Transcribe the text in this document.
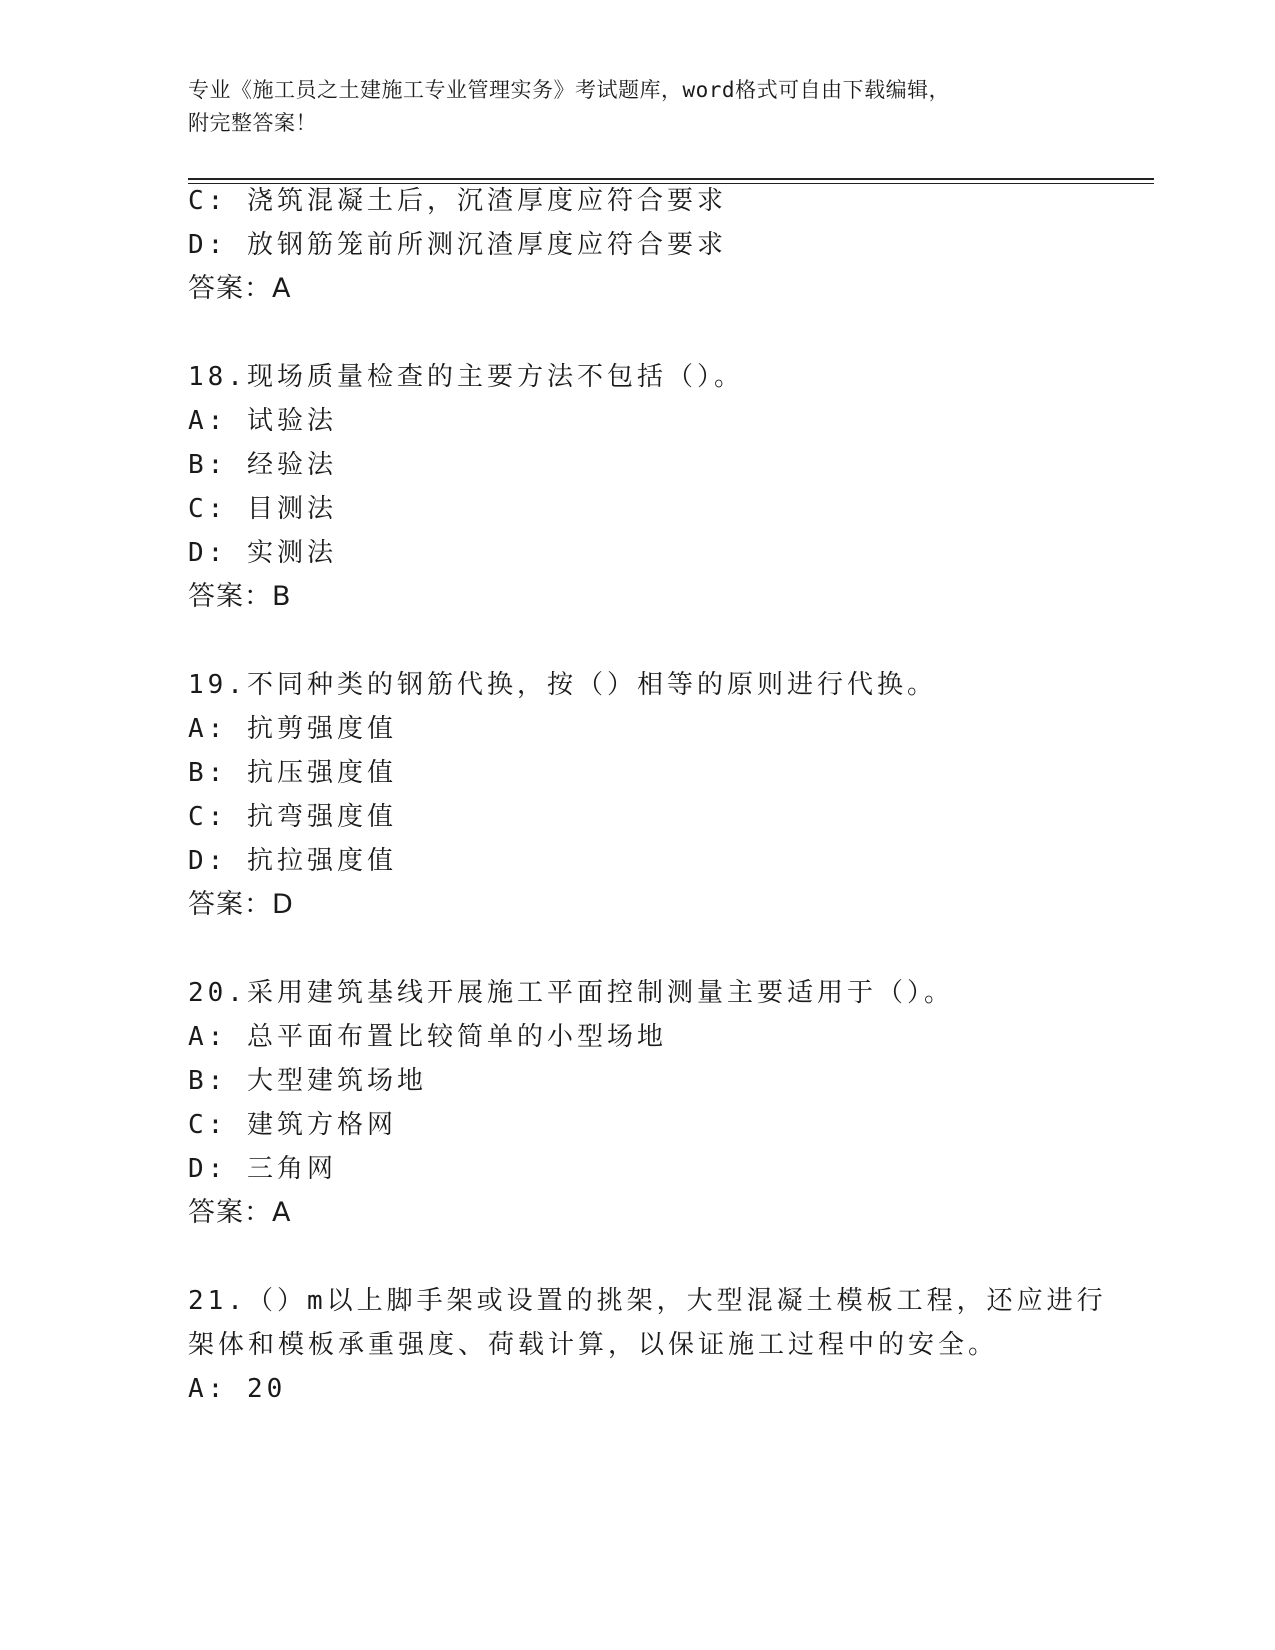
专业《施工员之土建施工专业管理实务》考试题库，word格式可自由下载编辑，
附完整答案！
C: 浇筑混凝土后，沉渣厚度应符合要求
D: 放钢筋笼前所测沉渣厚度应符合要求
答案：A
18.现场质量检查的主要方法不包括（）。
A: 试验法
B: 经验法
C: 目测法
D: 实测法
答案：B
19.不同种类的钢筋代换，按（）相等的原则进行代换。
A: 抗剪强度值
B: 抗压强度值
C: 抗弯强度值
D: 抗拉强度值
答案：D
20.采用建筑基线开展施工平面控制测量主要适用于（）。
A: 总平面布置比较简单的小型场地
B: 大型建筑场地
C: 建筑方格网
D: 三角网
答案：A
21.（）m以上脚手架或设置的挑架，大型混凝土模板工程，还应进行
架体和模板承重强度、荷载计算，以保证施工过程中的安全。
A: 20
